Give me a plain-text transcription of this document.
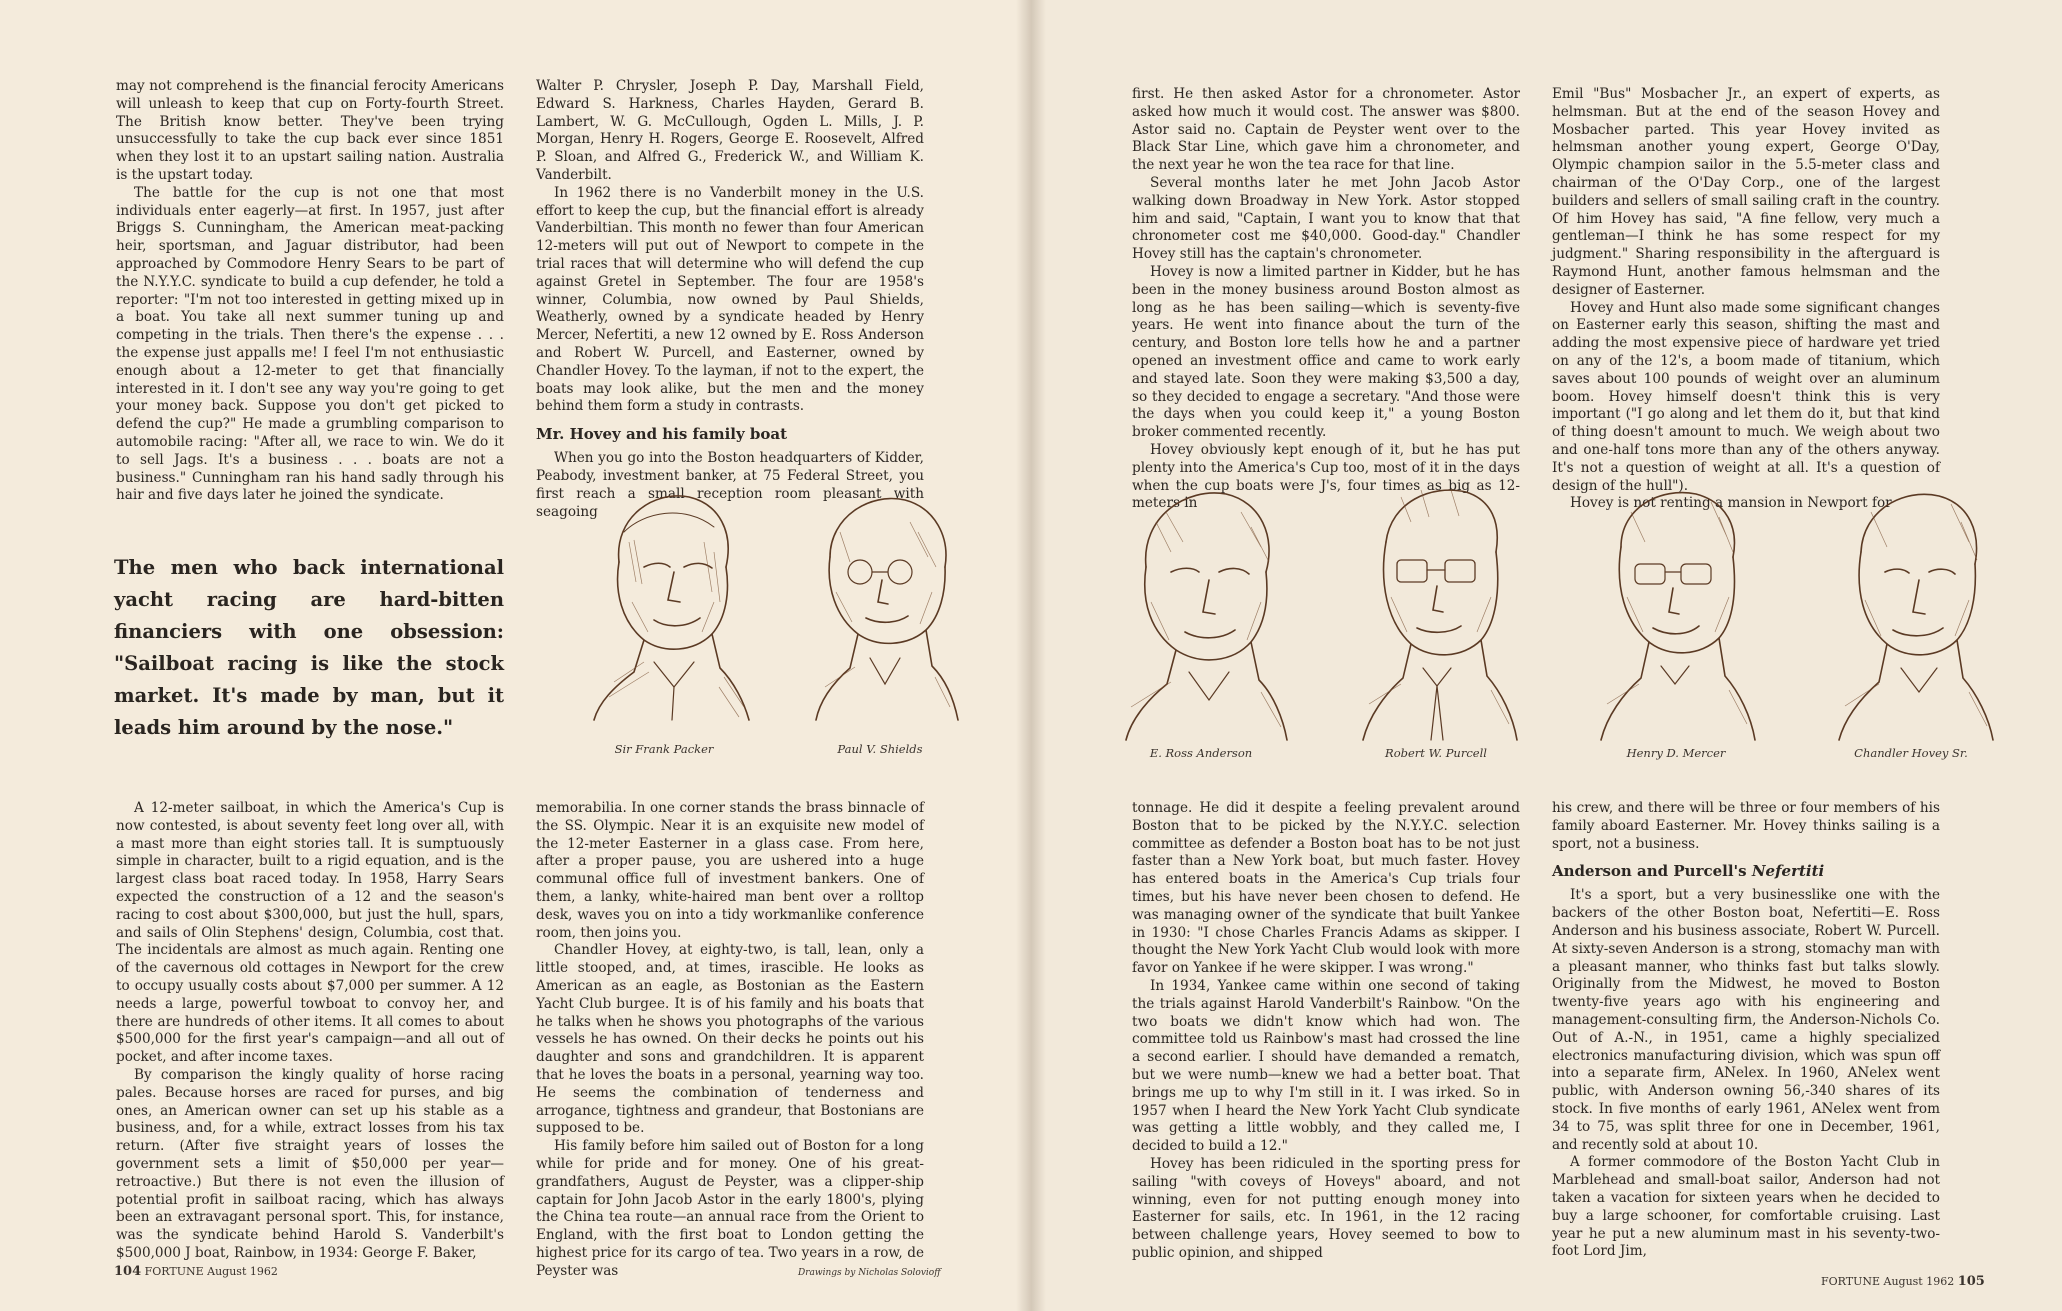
may not comprehend is the financial ferocity Americans will unleash to keep that cup on Forty-fourth Street. The British know better. They've been trying unsuccessfully to take the cup back ever since 1851 when they lost it to an upstart sailing nation. Australia is the upstart today.

The battle for the cup is not one that most individuals enter eagerly—at first. In 1957, just after Briggs S. Cunningham, the American meat-packing heir, sportsman, and Jaguar distributor, had been approached by Commodore Henry Sears to be part of the N.Y.Y.C. syndicate to build a cup defender, he told a reporter: "I'm not too interested in getting mixed up in a boat. You take all next summer tuning up and competing in the trials. Then there's the expense . . . the expense just appalls me! I feel I'm not enthusiastic enough about a 12-meter to get that financially interested in it. I don't see any way you're going to get your money back. Suppose you don't get picked to defend the cup?" He made a grumbling comparison to automobile racing: "After all, we race to win. We do it to sell Jags. It's a business . . . boats are not a business." Cunningham ran his hand sadly through his hair and five days later he joined the syndicate.

Walter P. Chrysler, Joseph P. Day, Marshall Field, Edward S. Harkness, Charles Hayden, Gerard B. Lambert, W. G. McCullough, Ogden L. Mills, J. P. Morgan, Henry H. Rogers, George E. Roosevelt, Alfred P. Sloan, and Alfred G., Frederick W., and William K. Vanderbilt.

In 1962 there is no Vanderbilt money in the U.S. effort to keep the cup, but the financial effort is already Vanderbiltian. This month no fewer than four American 12-meters will put out of Newport to compete in the trial races that will determine who will defend the cup against Gretel in September. The four are 1958's winner, Columbia, now owned by Paul Shields, Weatherly, owned by a syndicate headed by Henry Mercer, Nefertiti, a new 12 owned by E. Ross Anderson and Robert W. Purcell, and Easterner, owned by Chandler Hovey. To the layman, if not to the expert, the boats may look alike, but the men and the money behind them form a study in contrasts.

Mr. Hovey and his family boat

When you go into the Boston headquarters of Kidder, Peabody, investment banker, at 75 Federal Street, you first reach a small reception room pleasant with seagoing

The men who back international yacht racing are hard-bitten financiers with one obsession: "Sailboat racing is like the stock market. It's made by man, but it leads him around by the nose."
Sir Frank Packer	Paul V. Shields

A 12-meter sailboat, in which the America's Cup is now contested, is about seventy feet long over all, with a mast more than eight stories tall. It is sumptuously simple in character, built to a rigid equation, and is the largest class boat raced today. In 1958, Harry Sears expected the construction of a 12 and the season's racing to cost about $300,000, but just the hull, spars, and sails of Olin Stephens' design, Columbia, cost that. The incidentals are almost as much again. Renting one of the cavernous old cottages in Newport for the crew to occupy usually costs about $7,000 per summer. A 12 needs a large, powerful towboat to convoy her, and there are hundreds of other items. It all comes to about $500,000 for the first year's campaign—and all out of pocket, and after income taxes.

By comparison the kingly quality of horse racing pales. Because horses are raced for purses, and big ones, an American owner can set up his stable as a business, and, for a while, extract losses from his tax return. (After five straight years of losses the government sets a limit of $50,000 per year—retroactive.) But there is not even the illusion of potential profit in sailboat racing, which has always been an extravagant personal sport. This, for instance, was the syndicate behind Harold S. Vanderbilt's $500,000 J boat, Rainbow, in 1934: George F. Baker,

memorabilia. In one corner stands the brass binnacle of the SS. Olympic. Near it is an exquisite new model of the 12-meter Easterner in a glass case. From here, after a proper pause, you are ushered into a huge communal office full of investment bankers. One of them, a lanky, white-haired man bent over a rolltop desk, waves you on into a tidy workmanlike conference room, then joins you.

Chandler Hovey, at eighty-two, is tall, lean, only a little stooped, and, at times, irascible. He looks as American as an eagle, as Bostonian as the Eastern Yacht Club burgee. It is of his family and his boats that he talks when he shows you photographs of the various vessels he has owned. On their decks he points out his daughter and sons and grandchildren. It is apparent that he loves the boats in a personal, yearning way too. He seems the combination of tenderness and arrogance, tightness and grandeur, that Bostonians are supposed to be.

His family before him sailed out of Boston for a long while for pride and for money. One of his great-grandfathers, August de Peyster, was a clipper-ship captain for John Jacob Astor in the early 1800's, plying the China tea route—an annual race from the Orient to England, with the first boat to London getting the highest price for its cargo of tea. Two years in a row, de Peyster was

104 FORTUNE August 1962	Drawings by Nicholas Solovioff

first. He then asked Astor for a chronometer. Astor asked how much it would cost. The answer was $800. Astor said no. Captain de Peyster went over to the Black Star Line, which gave him a chronometer, and the next year he won the tea race for that line.

Several months later he met John Jacob Astor walking down Broadway in New York. Astor stopped him and said, "Captain, I want you to know that that chronometer cost me $40,000. Good-day." Chandler Hovey still has the captain's chronometer.

Hovey is now a limited partner in Kidder, but he has been in the money business around Boston almost as long as he has been sailing—which is seventy-five years. He went into finance about the turn of the century, and Boston lore tells how he and a partner opened an investment office and came to work early and stayed late. Soon they were making $3,500 a day, so they decided to engage a secretary. "And those were the days when you could keep it," a young Boston broker commented recently.

Hovey obviously kept enough of it, but he has put plenty into the America's Cup too, most of it in the days when the cup boats were J's, four times as big as 12-meters in

Emil "Bus" Mosbacher Jr., an expert of experts, as helmsman. But at the end of the season Hovey and Mosbacher parted. This year Hovey invited as helmsman another young expert, George O'Day, Olympic champion sailor in the 5.5-meter class and chairman of the O'Day Corp., one of the largest builders and sellers of small sailing craft in the country. Of him Hovey has said, "A fine fellow, very much a gentleman—I think he has some respect for my judgment." Sharing responsibility in the afterguard is Raymond Hunt, another famous helmsman and the designer of Easterner.

Hovey and Hunt also made some significant changes on Easterner early this season, shifting the mast and adding the most expensive piece of hardware yet tried on any of the 12's, a boom made of titanium, which saves about 100 pounds of weight over an aluminum boom. Hovey himself doesn't think this is very important ("I go along and let them do it, but that kind of thing doesn't amount to much. We weigh about two and one-half tons more than any of the others anyway. It's not a question of weight at all. It's a question of design of the hull").

Hovey is not renting a mansion in Newport for

E. Ross Anderson	Robert W. Purcell	Henry D. Mercer	Chandler Hovey Sr.

tonnage. He did it despite a feeling prevalent around Boston that to be picked by the N.Y.Y.C. selection committee as defender a Boston boat has to be not just faster than a New York boat, but much faster. Hovey has entered boats in the America's Cup trials four times, but his have never been chosen to defend. He was managing owner of the syndicate that built Yankee in 1930: "I chose Charles Francis Adams as skipper. I thought the New York Yacht Club would look with more favor on Yankee if he were skipper. I was wrong."

In 1934, Yankee came within one second of taking the trials against Harold Vanderbilt's Rainbow. "On the two boats we didn't know which had won. The committee told us Rainbow's mast had crossed the line a second earlier. I should have demanded a rematch, but we were numb—knew we had a better boat. That brings me up to why I'm still in it. I was irked. So in 1957 when I heard the New York Yacht Club syndicate was getting a little wobbly, and they called me, I decided to build a 12."

Hovey has been ridiculed in the sporting press for sailing "with coveys of Hoveys" aboard, and not winning, even for not putting enough money into Easterner for sails, etc. In 1961, in the 12 racing between challenge years, Hovey seemed to bow to public opinion, and shipped

his crew, and there will be three or four members of his family aboard Easterner. Mr. Hovey thinks sailing is a sport, not a business.

Anderson and Purcell's Nefertiti

It's a sport, but a very businesslike one with the backers of the other Boston boat, Nefertiti—E. Ross Anderson and his business associate, Robert W. Purcell. At sixty-seven Anderson is a strong, stomachy man with a pleasant manner, who thinks fast but talks slowly. Originally from the Midwest, he moved to Boston twenty-five years ago with his engineering and management-consulting firm, the Anderson-Nichols Co. Out of A.-N., in 1951, came a highly specialized electronics manufacturing division, which was spun off into a separate firm, ANelex. In 1960, ANelex went public, with Anderson owning 56,-340 shares of its stock. In five months of early 1961, ANelex went from 34 to 75, was split three for one in December, 1961, and recently sold at about 10.

A former commodore of the Boston Yacht Club in Marblehead and small-boat sailor, Anderson had not taken a vacation for sixteen years when he decided to buy a large schooner, for comfortable cruising. Last year he put a new aluminum mast in his seventy-two-foot Lord Jim,

FORTUNE August 1962 105
